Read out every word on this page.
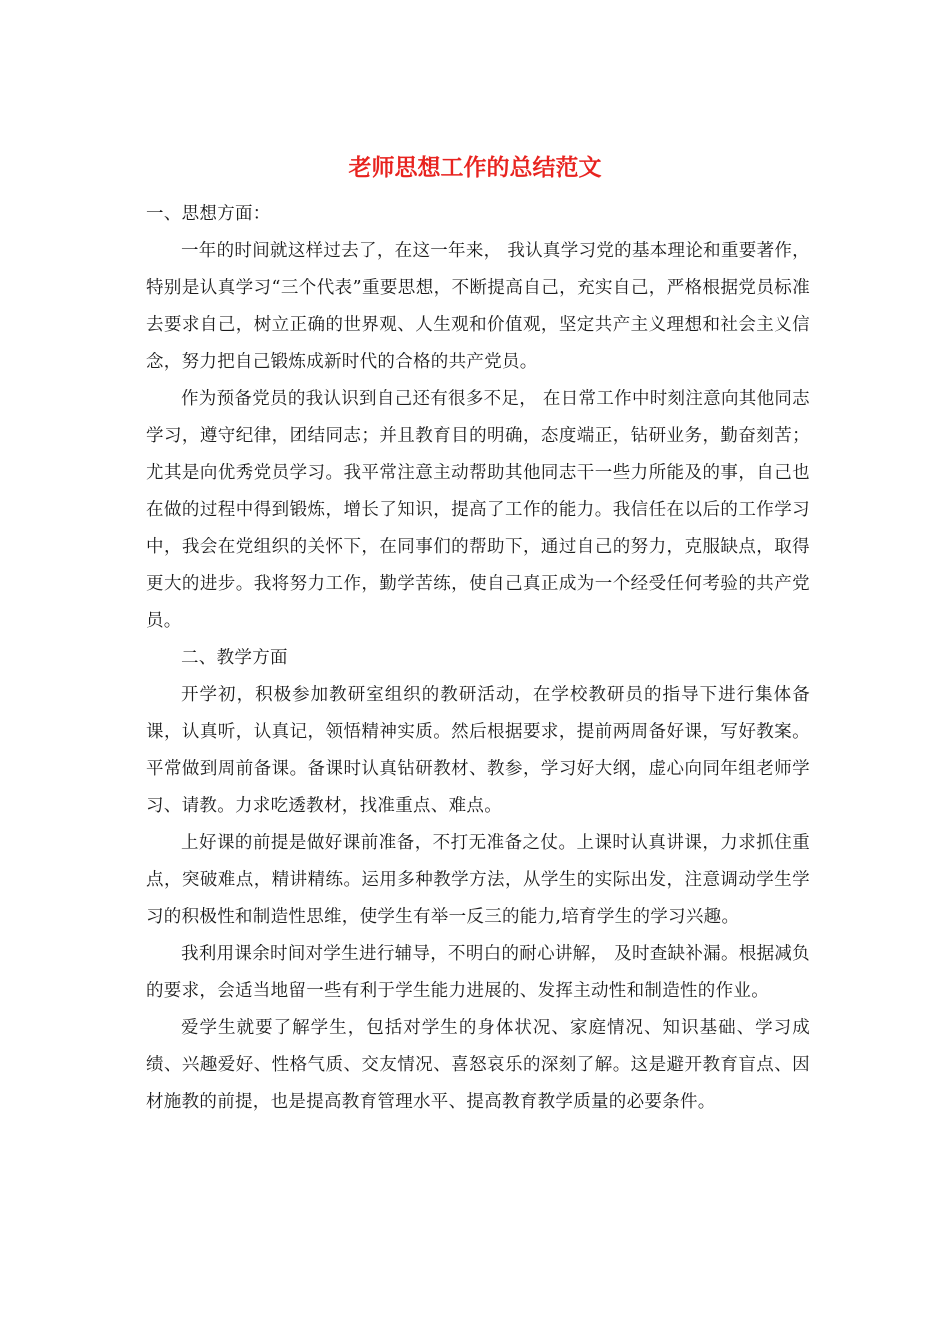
老师思想工作的总结范文

一、思想方面：

一年的时间就这样过去了，在这一年来， 我认真学习党的基本理论和重要著作，特别是认真学习“三个代表”重要思想，不断提高自己，充实自己，严格根据党员标准去要求自己，树立正确的世界观、人生观和价值观，坚定共产主义理想和社会主义信念，努力把自己锻炼成新时代的合格的共产党员。

作为预备党员的我认识到自己还有很多不足， 在日常工作中时刻注意向其他同志学习，遵守纪律，团结同志；并且教育目的明确，态度端正，钻研业务，勤奋刻苦；尤其是向优秀党员学习。我平常注意主动帮助其他同志干一些力所能及的事，自己也在做的过程中得到锻炼，增长了知识，提高了工作的能力。我信任在以后的工作学习中，我会在党组织的关怀下，在同事们的帮助下，通过自己的努力，克服缺点，取得更大的进步。我将努力工作，勤学苦练，使自己真正成为一个经受任何考验的共产党员。

二、教学方面

开学初，积极参加教研室组织的教研活动，在学校教研员的指导下进行集体备课，认真听，认真记，领悟精神实质。然后根据要求，提前两周备好课，写好教案。平常做到周前备课。备课时认真钻研教材、教参，学习好大纲，虚心向同年组老师学习、请教。力求吃透教材，找准重点、难点。

上好课的前提是做好课前准备，不打无准备之仗。上课时认真讲课，力求抓住重点，突破难点，精讲精练。运用多种教学方法，从学生的实际出发，注意调动学生学习的积极性和制造性思维，使学生有举一反三的能力,培育学生的学习兴趣。

我利用课余时间对学生进行辅导，不明白的耐心讲解， 及时查缺补漏。根据减负的要求，会适当地留一些有利于学生能力进展的、发挥主动性和制造性的作业。

爱学生就要了解学生，包括对学生的身体状况、家庭情况、知识基础、学习成绩、兴趣爱好、性格气质、交友情况、喜怒哀乐的深刻了解。这是避开教育盲点、因材施教的前提，也是提高教育管理水平、提高教育教学质量的必要条件。
